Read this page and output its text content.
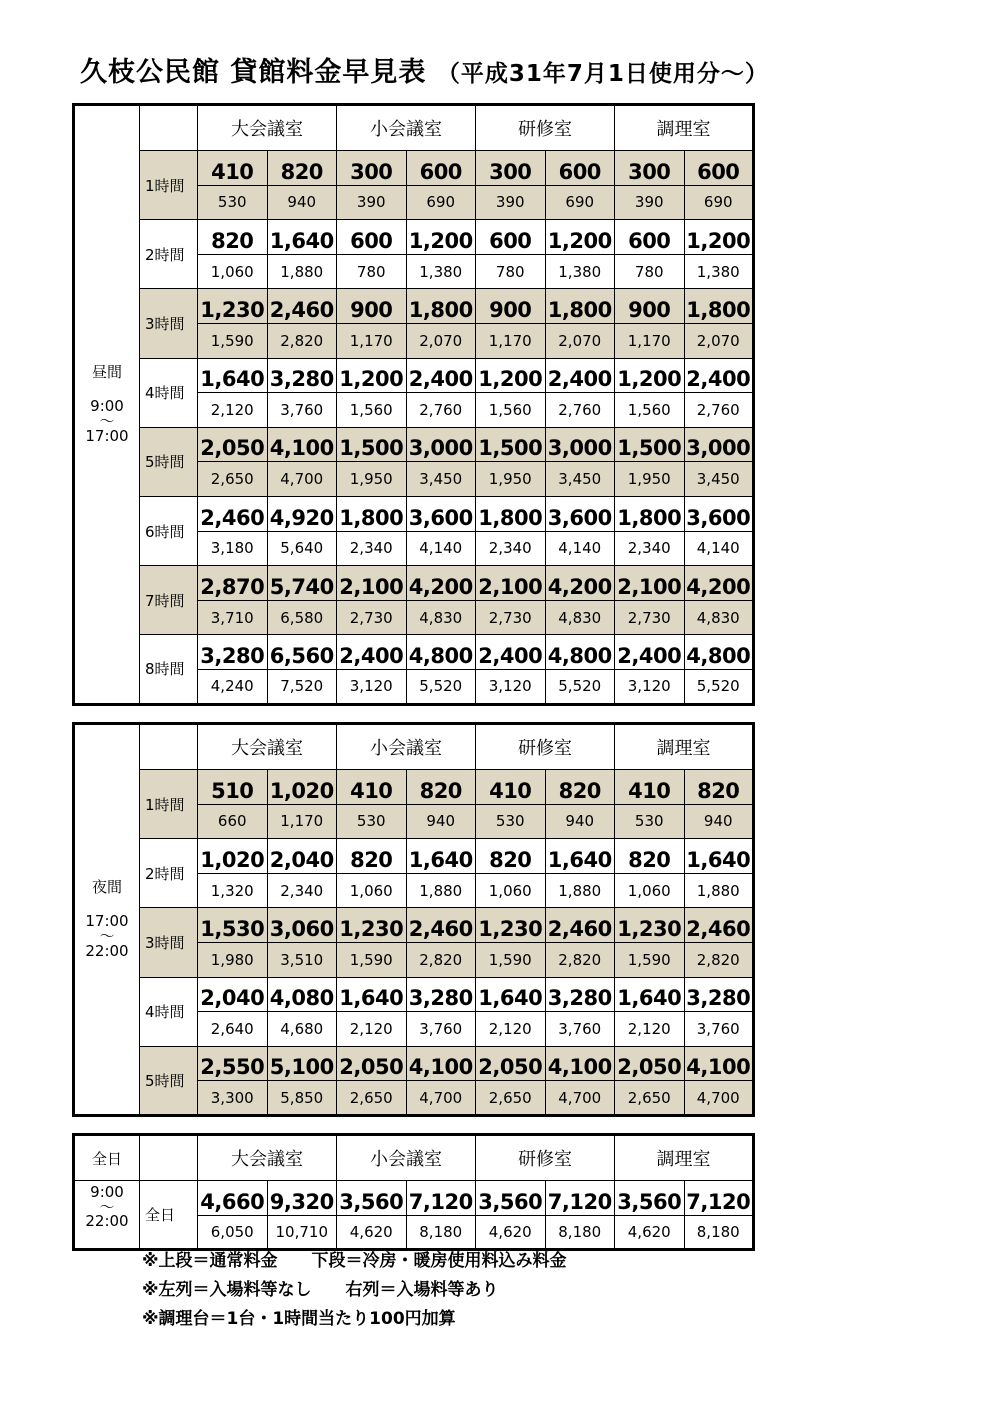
久枝公民館 貸館料金早見表 （平成31年7月1日使用分～）
昼間
9:00
～
17:00		大会議室		小会議室		研修室		調理室	
	1時間	410	820	300	600	300	600	300	600
		530	940	390	690	390	690	390	690
	2時間	820	1,640	600	1,200	600	1,200	600	1,200
		1,060	1,880	780	1,380	780	1,380	780	1,380
	3時間	1,230	2,460	900	1,800	900	1,800	900	1,800
		1,590	2,820	1,170	2,070	1,170	2,070	1,170	2,070
	4時間	1,640	3,280	1,200	2,400	1,200	2,400	1,200	2,400
		2,120	3,760	1,560	2,760	1,560	2,760	1,560	2,760
	5時間	2,050	4,100	1,500	3,000	1,500	3,000	1,500	3,000
		2,650	4,700	1,950	3,450	1,950	3,450	1,950	3,450
	6時間	2,460	4,920	1,800	3,600	1,800	3,600	1,800	3,600
		3,180	5,640	2,340	4,140	2,340	4,140	2,340	4,140
	7時間	2,870	5,740	2,100	4,200	2,100	4,200	2,100	4,200
		3,710	6,580	2,730	4,830	2,730	4,830	2,730	4,830
	8時間	3,280	6,560	2,400	4,800	2,400	4,800	2,400	4,800
		4,240	7,520	3,120	5,520	3,120	5,520	3,120	5,520
夜間
17:00
～
22:00		大会議室		小会議室		研修室		調理室	
	1時間	510	1,020	410	820	410	820	410	820
		660	1,170	530	940	530	940	530	940
	2時間	1,020	2,040	820	1,640	820	1,640	820	1,640
		1,320	2,340	1,060	1,880	1,060	1,880	1,060	1,880
	3時間	1,530	3,060	1,230	2,460	1,230	2,460	1,230	2,460
		1,980	3,510	1,590	2,820	1,590	2,820	1,590	2,820
	4時間	2,040	4,080	1,640	3,280	1,640	3,280	1,640	3,280
		2,640	4,680	2,120	3,760	2,120	3,760	2,120	3,760
	5時間	2,550	5,100	2,050	4,100	2,050	4,100	2,050	4,100
		3,300	5,850	2,650	4,700	2,650	4,700	2,650	4,700
全日		大会議室		小会議室		研修室		調理室	

9:00
～
22:00	全日	4,660	9,320	3,560	7,120	3,560	7,120	3,560	7,120
		6,050	10,710	4,620	8,180	4,620	8,180	4,620	8,180
※上段＝通常料金　　下段＝冷房・暖房使用料込み料金
※左列＝入場料等なし　　右列＝入場料等あり
※調理台＝1台・1時間当たり100円加算
